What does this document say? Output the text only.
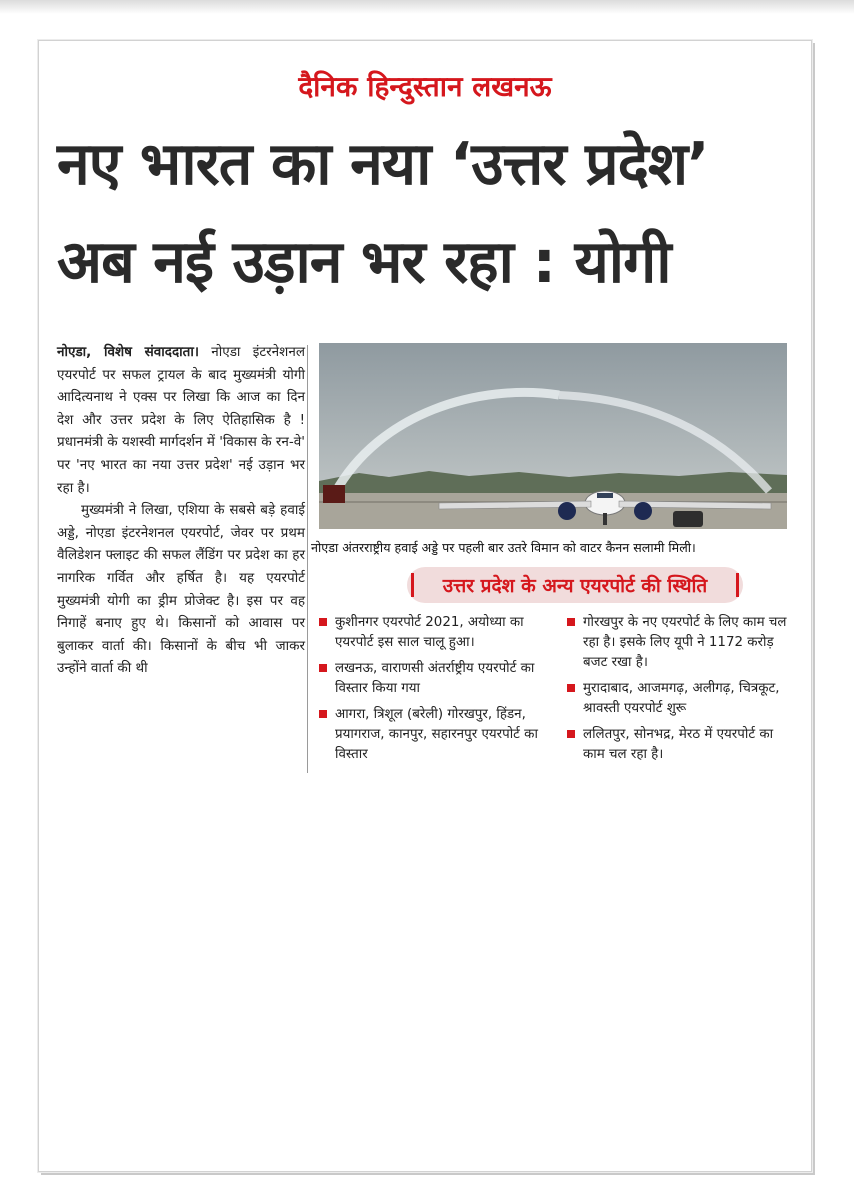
दैनिक हिन्दुस्तान लखनऊ
नए भारत का नया ‘उत्तर प्रदेश’
अब नई उड़ान भर रहा : योगी

नोएडा, विशेष संवाददाता। नोएडा इंटरनेशनल एयरपोर्ट पर सफल ट्रायल के बाद मुख्यमंत्री योगी आदित्यनाथ ने एक्स पर लिखा कि आज का दिन देश और उत्तर प्रदेश के लिए ऐतिहासिक है ! प्रधानमंत्री के यशस्वी मार्गदर्शन में 'विकास के रन-वे' पर 'नए भारत का नया उत्तर प्रदेश' नई उड़ान भर रहा है।

मुख्यमंत्री ने लिखा, एशिया के सबसे बड़े हवाई अड्डे, नोएडा इंटरनेशनल एयरपोर्ट, जेवर पर प्रथम वैलिडेशन फ्लाइट की सफल लैंडिंग पर प्रदेश का हर नागरिक गर्वित और हर्षित है। यह एयरपोर्ट मुख्यमंत्री योगी का ड्रीम प्रोजेक्ट है। इस पर वह निगाहें बनाए हुए थे। किसानों को आवास पर बुलाकर वार्ता की। किसानों के बीच भी जाकर उन्होंने वार्ता की थी

नोएडा अंतरराष्ट्रीय हवाई अड्डे पर पहली बार उतरे विमान को वाटर कैनन सलामी मिली।
उत्तर प्रदेश के अन्य एयरपोर्ट की स्थिति
कुशीनगर एयरपोर्ट 2021, अयोध्या का एयरपोर्ट इस साल चालू हुआ।
लखनऊ, वाराणसी अंतर्राष्ट्रीय एयरपोर्ट का विस्तार किया गया
आगरा, त्रिशूल (बरेली) गोरखपुर, हिंडन, प्रयागराज, कानपुर, सहारनपुर एयरपोर्ट का विस्तार
गोरखपुर के नए एयरपोर्ट के लिए काम चल रहा है। इसके लिए यूपी ने 1172 करोड़ बजट रखा है।
मुरादाबाद, आजमगढ़, अलीगढ़, चित्रकूट, श्रावस्ती एयरपोर्ट शुरू
ललितपुर, सोनभद्र, मेरठ में एयरपोर्ट का काम चल रहा है।
